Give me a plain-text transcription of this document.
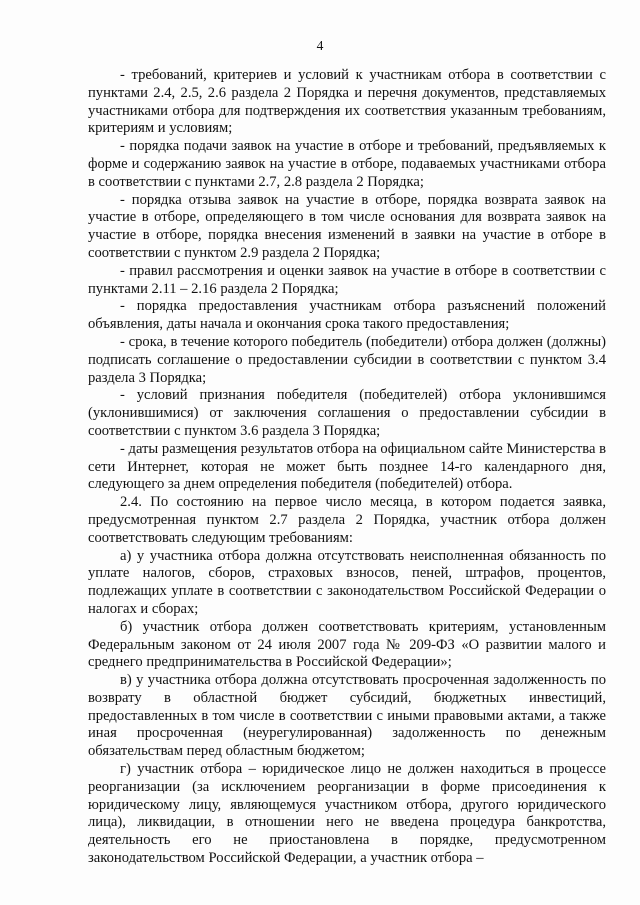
4

- требований, критериев и условий к участникам отбора в соответствии с пунктами 2.4, 2.5, 2.6 раздела 2 Порядка и перечня документов, представляемых участниками отбора для подтверждения их соответствия указанным требованиям, критериям и условиям;

- порядка подачи заявок на участие в отборе и требований, предъявляемых к форме и содержанию заявок на участие в отборе, подаваемых участниками отбора в соответствии с пунктами 2.7, 2.8 раздела 2 Порядка;

- порядка отзыва заявок на участие в отборе, порядка возврата заявок на участие в отборе, определяющего в том числе основания для возврата заявок на участие в отборе, порядка внесения изменений в заявки на участие в отборе в соответствии с пунктом 2.9 раздела 2 Порядка;

- правил рассмотрения и оценки заявок на участие в отборе в соответствии с пунктами 2.11 – 2.16 раздела 2 Порядка;

- порядка предоставления участникам отбора разъяснений положений объявления, даты начала и окончания срока такого предоставления;

- срока, в течение которого победитель (победители) отбора должен (должны) подписать соглашение о предоставлении субсидии в соответствии с пунктом 3.4 раздела 3 Порядка;

- условий признания победителя (победителей) отбора уклонившимся (уклонившимися) от заключения соглашения о предоставлении субсидии в соответствии с пунктом 3.6 раздела 3 Порядка;

- даты размещения результатов отбора на официальном сайте Министерства в сети Интернет, которая не может быть позднее 14-го календарного дня, следующего за днем определения победителя (победителей) отбора.

2.4. По состоянию на первое число месяца, в котором подается заявка, предусмотренная пунктом 2.7 раздела 2 Порядка, участник отбора должен соответствовать следующим требованиям:

а) у участника отбора должна отсутствовать неисполненная обязанность по уплате налогов, сборов, страховых взносов, пеней, штрафов, процентов, подлежащих уплате в соответствии с законодательством Российской Федерации о налогах и сборах;

б) участник отбора должен соответствовать критериям, установленным Федеральным законом от 24 июля 2007 года № 209-ФЗ «О развитии малого и среднего предпринимательства в Российской Федерации»;

в) у участника отбора должна отсутствовать просроченная задолженность по возврату в областной бюджет субсидий, бюджетных инвестиций, предоставленных в том числе в соответствии с иными правовыми актами, а также иная просроченная (неурегулированная) задолженность по денежным обязательствам перед областным бюджетом;

г) участник отбора – юридическое лицо не должен находиться в процессе реорганизации (за исключением реорганизации в форме присоединения к юридическому лицу, являющемуся участником отбора, другого юридического лица), ликвидации, в отношении него не введена процедура банкротства, деятельность его не приостановлена в порядке, предусмотренном законодательством Российской Федерации, а участник отбора –
